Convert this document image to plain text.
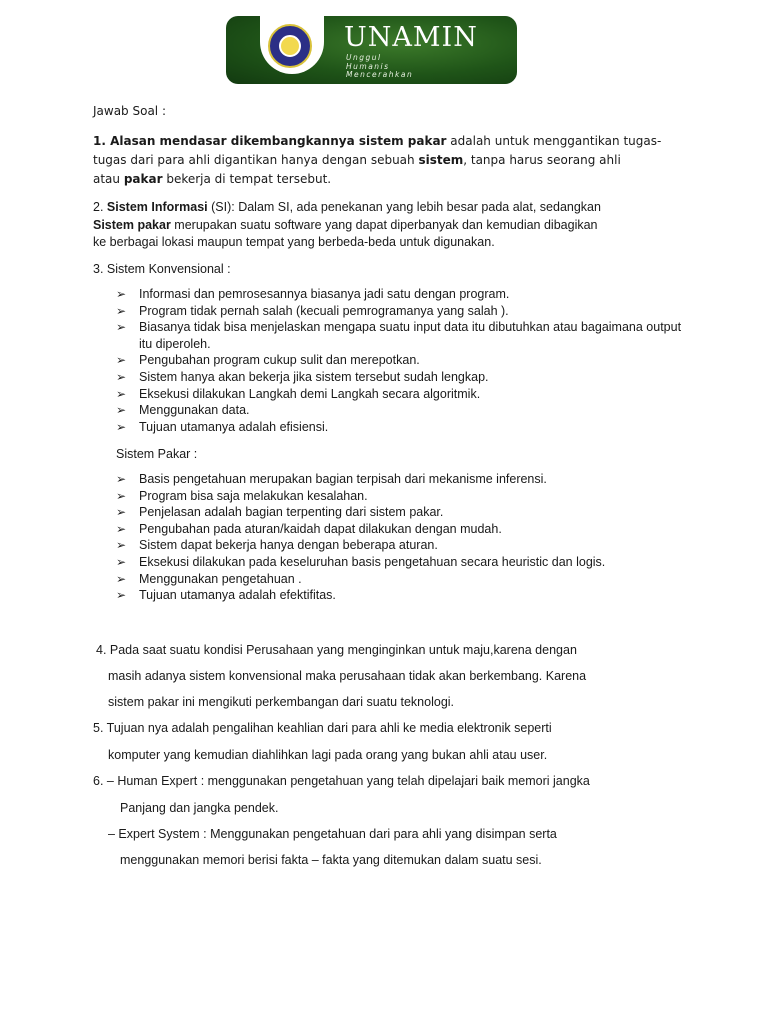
UNAMIN
Unggul
Humanis
Mencerahkan
Jawab Soal :
1. Alasan mendasar dikembangkannya sistem pakar adalah untuk menggantikan tugas-
tugas dari para ahli digantikan hanya dengan sebuah sistem, tanpa harus seorang ahli
atau pakar bekerja di tempat tersebut.
2. Sistem Informasi (SI): Dalam SI, ada penekanan yang lebih besar pada alat, sedangkan
Sistem pakar merupakan suatu software yang dapat diperbanyak dan kemudian dibagikan
ke berbagai lokasi maupun tempat yang berbeda-beda untuk digunakan.
3. Sistem Konvensional :
➢ Informasi dan pemrosesannya biasanya jadi satu dengan program.
➢ Program tidak pernah salah (kecuali pemrogramanya yang salah ).
➢ Biasanya tidak bisa menjelaskan mengapa suatu input data itu dibutuhkan atau bagaimana output itu diperoleh.
➢ Pengubahan program cukup sulit dan merepotkan.
➢ Sistem hanya akan bekerja jika sistem tersebut sudah lengkap.
➢ Eksekusi dilakukan Langkah demi Langkah secara algoritmik.
➢ Menggunakan data.
➢ Tujuan utamanya adalah efisiensi.
Sistem Pakar :
➢ Basis pengetahuan merupakan bagian terpisah dari mekanisme inferensi.
➢ Program bisa saja melakukan kesalahan.
➢ Penjelasan adalah bagian terpenting dari sistem pakar.
➢ Pengubahan pada aturan/kaidah dapat dilakukan dengan mudah.
➢ Sistem dapat bekerja hanya dengan beberapa aturan.
➢ Eksekusi dilakukan pada keseluruhan basis pengetahuan secara heuristic dan logis.
➢ Menggunakan pengetahuan .
➢ Tujuan utamanya adalah efektifitas.
4. Pada saat suatu kondisi Perusahaan yang menginginkan untuk maju,karena dengan
masih adanya sistem konvensional maka perusahaan tidak akan berkembang. Karena
sistem pakar ini mengikuti perkembangan dari suatu teknologi.
5. Tujuan nya adalah pengalihan keahlian dari para ahli ke media elektronik seperti
komputer yang kemudian diahlihkan lagi pada orang yang bukan ahli atau user.
6. – Human Expert : menggunakan pengetahuan yang telah dipelajari baik memori jangka
Panjang dan jangka pendek.
– Expert System : Menggunakan pengetahuan dari para ahli yang disimpan serta
menggunakan memori berisi fakta – fakta yang ditemukan dalam suatu sesi.
